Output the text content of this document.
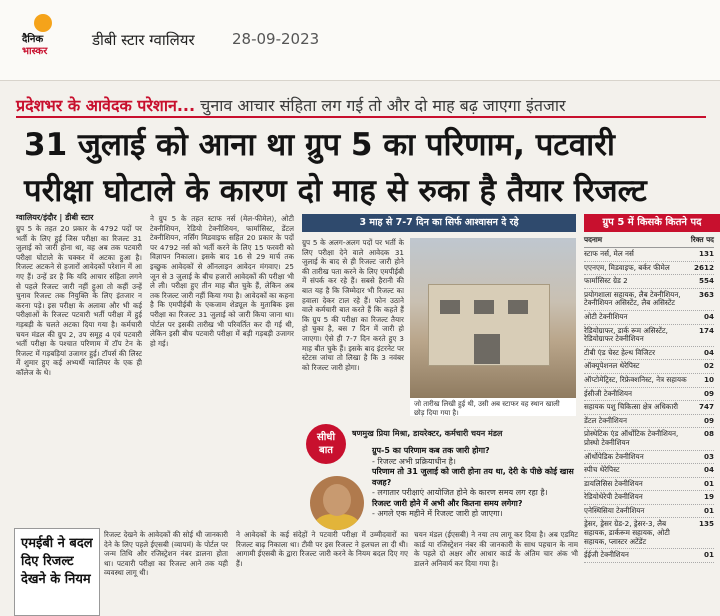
दैनिक
भास्कर
डीबी स्टार ग्वालियर 28-09-2023
प्रदेशभर के आवेदक परेशान... चुनाव आचार संहिता लग गई तो और दो माह बढ़ जाएगा इंतजार
31 जुलाई को आना था ग्रुप 5 का परिणाम, पटवारी
परीक्षा घोटाले के कारण दो माह से रुका है तैयार रिजल्ट
ग्वालियर/इंदौर | डीबी स्टार
ग्रुप 5 के तहत 20 प्रकार के 4792 पदों पर भर्ती के लिए हुई जिस परीक्षा का रिजल्ट 31 जुलाई को जारी होना था, वह अब तक पटवारी परीक्षा घोटाले के चक्कर में अटका हुआ है। रिजल्ट अटकने से हजारों आवेदकों परेशान में आ गए हैं। उन्हें डर है कि यदि आचार संहिता लगने से पहले रिजल्ट जारी नहीं हुआ तो कहीं उन्हें चुनाव रिजल्ट तक नियुक्ति के लिए इंतजार न करना पड़े। इस परीक्षा के अलावा और भी कई परीक्षाओं के रिजल्ट पटवारी भर्ती परीक्षा में हुई गड़बड़ी के चलते अटका दिया गया है। कर्मचारी चयन मंडल की ग्रुप 2, उप समूह 4 एवं पटवारी भर्ती परीक्षा के पश्चात परिणाम में टॉप टेन के रिजल्ट में गड़बड़ियां उजागर हुई। टॉपर्स की लिस्ट में शुमार हुए कई अभ्यर्थी ग्वालियर के एक ही कॉलेज के थे।
ने ग्रुप 5 के तहत स्टाफ नर्स (मेल-फीमेल), ओटी टेक्नीशियन, रेडियो टेक्नीशियन, फार्मासिस्ट, डेंटल टेक्नीशियन, नर्सिंग मिडवाइफ सहित 20 प्रकार के पदों पर 4792 नर्स को भर्ती करने के लिए 15 फरवरी को विज्ञापन निकाला। इसके बाद 16 से 29 मार्च तक इच्छुक आवेदकों से ऑनलाइन आवेदन मंगवाए। 25 जून से 3 जुलाई के बीच हजारों आवेदकों की परीक्षा भी ले ली। परीक्षा हुए तीन माह बीत चुके हैं, लेकिन अब तक रिजल्ट जारी नहीं किया गया है। आवेदकों का कहना है कि एमपीईबी के एकजाम शेड्यूल के मुताबिक इस परीक्षा का रिजल्ट 31 जुलाई को जारी किया जाना था। पोर्टल पर इसकी तारीख भी परिवर्तित कर दी गई थी, लेकिन इसी बीच पटवारी परीक्षा में बड़ी गड़बड़ी उजागर हो गई।
ग्रुप 5 के अलग-अलग पदों पर भर्ती के लिए परीक्षा देने वाले आवेदक 31 जुलाई के बाद से ही रिजल्ट जारी होने की तारीख पता करने के लिए एमपीईबी में संपर्क कर रहे हैं। सबसे हैरानी की बात यह है कि जिम्मेदार भी रिजल्ट का हवाला देकर टाल रहे हैं। फोन उठाने वाले कर्मचारी बात करते हैं कि कहते हैं कि ग्रुप 5 की परीक्षा का रिजल्ट तैयार हो चुका है, बस 7 दिन में जारी हो जाएगा। ऐसे ही 7-7 दिन करते हुए 3 माह बीत चुके हैं। इसके बाद इंटरनेट पर स्टेटस जांचा तो लिखा है कि 3 नवंबर को रिजल्ट जारी होगा।
3 माह से 7-7 दिन का सिर्फ आश्वासन दे रहे
जो तारीख लिखी हुई थी, उसी अब स्टाफर वह स्थान खाली छोड़ दिया गया है।
सीधी
बात
षणमुख प्रिया मिश्रा, डायरेक्टर, कर्मचारी चयन मंडल
ग्रुप-5 का परिणाम कब तक जारी होगा?
- रिजल्ट अभी प्रक्रियाधीन है।
परिणाम तो 31 जुलाई को जारी होना तय था, देरी के पीछे कोई खास वजह?
- लगातार परीक्षाएं आयोजित होने के कारण समय लग रहा है।
रिजल्ट जारी होने में अभी और कितना समय लगेगा?
- अगले एक महीने में रिजल्ट जारी हो जाएगा।
ग्रुप 5 में किसके कितने पद
पदनाम	रिक्त पद
स्टाफ नर्स, मेल नर्स	131
एएनएम, मिडवाइफ, बर्कर फीमेल	2612
फार्मासिस्ट ग्रेड 2	554
प्रयोगशाला सहायक, लैब टेक्नीशियन, टेक्नीशियन असिस्टेंट, लैब असिस्टेंट
363
ओटी टेक्नीशियन	04
रेडियोग्राफर, डार्क रूम असिस्टेंट, रेडियोग्राफर टेक्नीशियन
174
टीबी एंड चेस्ट हेल्थ विजिटर	04
ऑक्यूपेशनल थेरेपिस्ट	02
ऑप्टोमेट्रिस्ट, रिफ्रेक्शनिस्ट, नेत्र सहायक	10
ईसीजी टेक्नीशियन	09
सहायक पशु चिकित्सा क्षेत्र अधिकारी	747
डेंटल टेक्नीशियन	09
प्रोस्थेटिक एंड ऑर्थोटिक टेक्नीशियन, प्रोस्थो टेक्नीशियन
08
ऑर्थोपेडिक टेक्नीशियन	03
स्पीच थेरेपिस्ट	04
डायलिसिस टेक्नीशियन	01
रेडियोथेरेपी टेक्नीशियन	19
एनेस्थिसिया टेक्नीशियन	01
ड्रेसर, ड्रेसर ग्रेड-2, ड्रेसर-3, लैब सहायक, डार्करूम सहायक, ओटी सहायक, प्लास्टर अटेंडेंट
135
ईईजी टेक्नीशियन	01
एमईबी ने बदल दिए रिजल्ट देखने के नियम
रिजल्ट देखने के आवेदकों की सोई थी जानकारी देने के लिए पहले ईएसबी (व्यापमं) के पोर्टल पर जन्म तिथि और रजिस्ट्रेशन नंबर डालना होता था। पटवारी परीक्षा का रिजल्ट आने तक यही व्यवस्था लागू थी।
ने आवेदकों के कई संदेहों ने पटवारी परीक्षा में उम्मीदवारों का रिजल्ट बाढ़ निकाला था। टीवी पर इस रिजल्ट ने हलचल ला दी थी। आगामी ईएसबी के द्वारा रिजल्ट जारी करने के नियम बदल दिए गए हैं।
चयन मंडल (ईएसबी) ने नया तय लागू कर दिया है। अब एडमिट कार्ड या रजिस्ट्रेशन नंबर की जानकारी के साथ पहचान के नाम के पहले दो अक्षर और आधार कार्ड के अंतिम चार अंक भी डालने अनिवार्य कर दिया गया है।
